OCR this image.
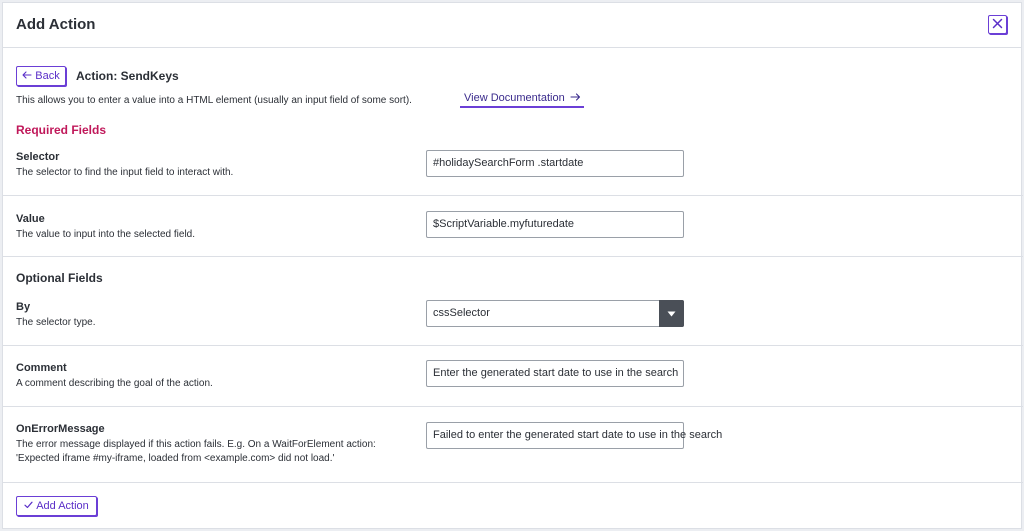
Add Action
Back Action: SendKeys
This allows you to enter a value into a HTML element (usually an input field of some sort).	View Documentation
Required Fields
Selector
The selector to find the input field to interact with.
#holidaySearchForm .startdate
Value
The value to input into the selected field.
$ScriptVariable.myfuturedate
Optional Fields
By
The selector type.
cssSelector
Comment
A comment describing the goal of the action.
Enter the generated start date to use in the search
OnErrorMessage
The error message displayed if this action fails. E.g. On a WaitForElement action:
'Expected iframe #my-iframe, loaded from <example.com> did not load.'
Failed to enter the generated start date to use in the search
Add Action
